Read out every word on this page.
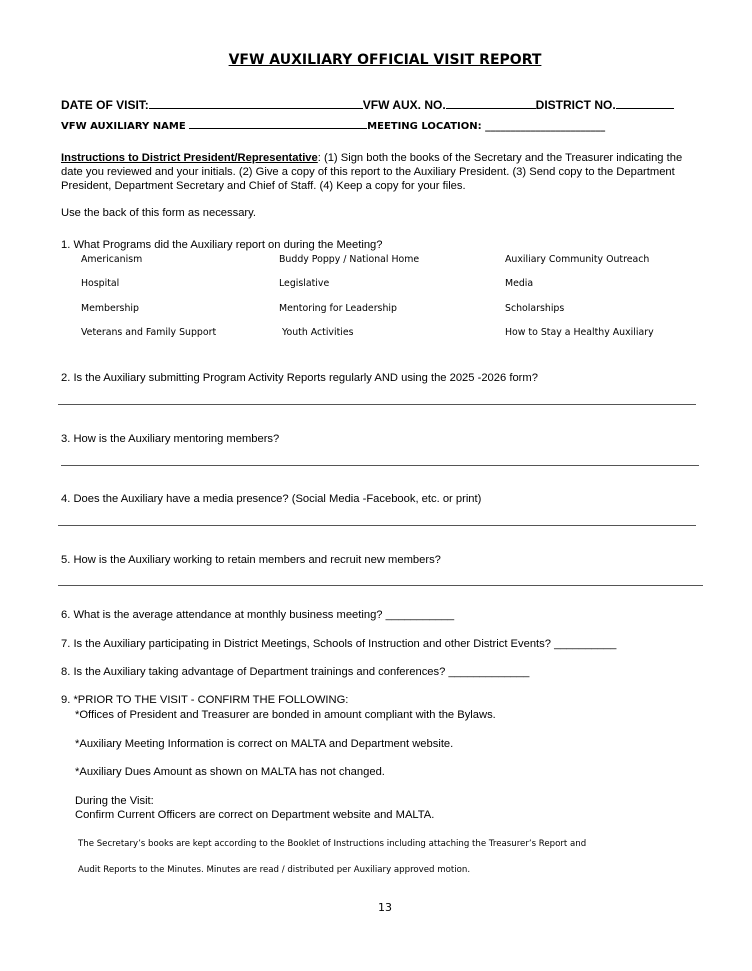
VFW AUXILIARY OFFICIAL VISIT REPORT
DATE OF VISIT:	VFW AUX. NO.	DISTRICT NO.
VFW AUXILIARY NAME	MEETING LOCATION: ________________________
Instructions to District President/Representative: (1) Sign both the books of the Secretary and the Treasurer indicating the date you reviewed and your initials. (2) Give a copy of this report to the Auxiliary President. (3) Send copy to the Department President, Department Secretary and Chief of Staff. (4) Keep a copy for your files.
Use the back of this form as necessary.
1. What Programs did the Auxiliary report on during the Meeting?
Americanism	Buddy Poppy / National Home	Auxiliary Community Outreach
Hospital	Legislative	Media
Membership	Mentoring for Leadership	Scholarships
Veterans and Family Support	Youth Activities	How to Stay a Healthy Auxiliary
2. Is the Auxiliary submitting Program Activity Reports regularly AND using the 2025 -2026 form?
3. How is the Auxiliary mentoring members?
4. Does the Auxiliary have a media presence? (Social Media -Facebook, etc. or print)
5. How is the Auxiliary working to retain members and recruit new members?
6. What is the average attendance at monthly business meeting? ___________
7. Is the Auxiliary participating in District Meetings, Schools of Instruction and other District Events? __________
8. Is the Auxiliary taking advantage of Department trainings and conferences? _____________
9. *PRIOR TO THE VISIT - CONFIRM THE FOLLOWING:
*Offices of President and Treasurer are bonded in amount compliant with the Bylaws.
*Auxiliary Meeting Information is correct on MALTA and Department website.
*Auxiliary Dues Amount as shown on MALTA has not changed.
During the Visit:
Confirm Current Officers are correct on Department website and MALTA.
The Secretary’s books are kept according to the Booklet of Instructions including attaching the Treasurer’s Report and
Audit Reports to the Minutes. Minutes are read / distributed per Auxiliary approved motion.
13
